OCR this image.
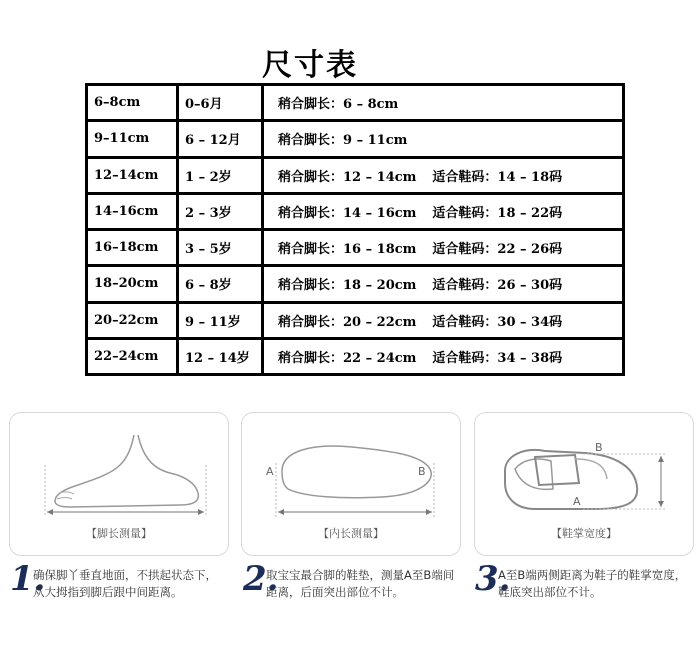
尺寸表
6–8cm	0–6月	稍合脚长：6 – 8cm
9–11cm	6 – 12月	稍合脚长：9 – 11cm
12–14cm	1 – 2岁	稍合脚长：12 – 14cm 适合鞋码：14 – 18码
14–16cm	2 – 3岁	稍合脚长：14 – 16cm 适合鞋码：18 – 22码
16–18cm	3 – 5岁	稍合脚长：16 – 18cm 适合鞋码：22 – 26码
18–20cm	6 – 8岁	稍合脚长：18 – 20cm 适合鞋码：26 – 30码
20–22cm	9 – 11岁	稍合脚长：20 – 22cm 适合鞋码：30 – 34码
22–24cm	12 – 14岁	稍合脚长：22 – 24cm 适合鞋码：34 – 38码
【脚长测量】
A	B
【内长测量】
B
A
【鞋掌宽度】
1.
确保脚丫垂直地面，不拱起状态下，从大拇指到脚后跟中间距离。	2.
取宝宝最合脚的鞋垫，测量A至B端间距离，后面突出部位不计。	3.
A至B端两侧距离为鞋子的鞋掌宽度，鞋底突出部位不计。
